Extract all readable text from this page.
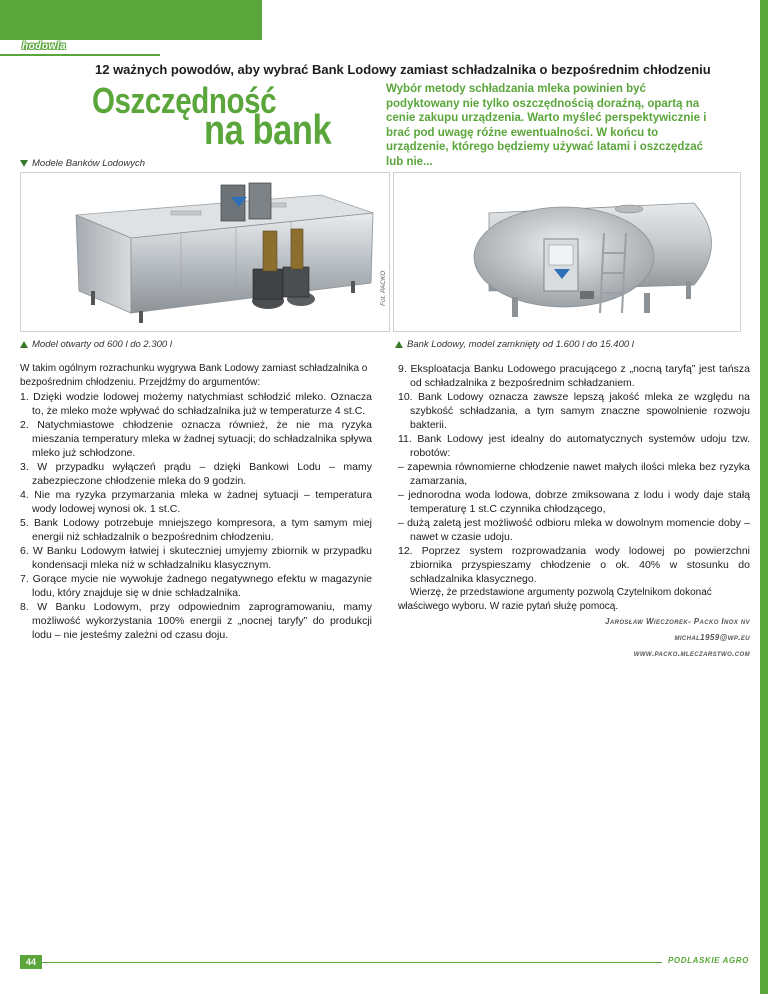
hodowla
12 ważnych powodów, aby wybrać Bank Lodowy zamiast schładzalnika o bezpośrednim chłodzeniu
Oszczędność
na bank
Wybór metody schładzania mleka powinien być podyktowany nie tylko oszczędnością doraźną, opartą na cenie zakupu urządzenia. Warto myśleć perspektywicznie i brać pod uwagę różne ewentualności. W końcu to urządzenie, którego będziemy używać latami i oszczędzać lub nie...
Modele Banków Lodowych
Fot. PACKO
Model otwarty od 600 l do 2.300 l	Bank Lodowy, model zamknięty od 1.600 l do 15.400 l

W takim ogólnym rozrachunku wygrywa Bank Lodowy zamiast schładzalnika o bezpośrednim chłodzeniu. Przejdźmy do argumentów:

1. Dzięki wodzie lodowej możemy natychmiast schłodzić mleko. Oznacza to, że mleko może wpływać do schładzalnika już w temperaturze 4 st.C.

2. Natychmiastowe chłodzenie oznacza również, że nie ma ryzyka mieszania temperatury mleka w żadnej sytuacji; do schładzalnika spływa mleko już schłodzone.

3. W przypadku wyłączeń prądu – dzięki Bankowi Lodu – mamy zabezpieczone chłodzenie mleka do 9 godzin.

4. Nie ma ryzyka przymarzania mleka w żadnej sytuacji – temperatura wody lodowej wynosi ok. 1 st.C.

5. Bank Lodowy potrzebuje mniejszego kompresora, a tym samym miej energii niż schładzalnik o bezpośrednim chłodzeniu.

6. W Banku Lodowym łatwiej i skuteczniej umyjemy zbiornik w przypadku kondensacji mleka niż w schładzalniku klasycznym.

7. Gorące mycie nie wywołuje żadnego negatywnego efektu w magazynie lodu, który znajduje się w dnie schładzalnika.

8. W Banku Lodowym, przy odpowiednim zaprogramowaniu, mamy możliwość wykorzystania 100% energii z „nocnej taryfy” do produkcji lodu – nie jesteśmy zależni od czasu doju.

9. Eksploatacja Banku Lodowego pracującego z „nocną taryfą” jest tańsza od schładzalnika z bezpośrednim schładzaniem.

10. Bank Lodowy oznacza zawsze lepszą jakość mleka ze względu na szybkość schładzania, a tym samym znaczne spowolnienie rozwoju bakterii.

11. Bank Lodowy jest idealny do automatycznych systemów udoju tzw. robotów:

– zapewnia równomierne chłodzenie nawet małych ilości mleka bez ryzyka zamarzania,

– jednorodna woda lodowa, dobrze zmiksowana z lodu i wody daje stałą temperaturę 1 st.C czynnika chłodzącego,

– dużą zaletą jest możliwość odbioru mleka w dowolnym momencie doby – nawet w czasie udoju.

12. Poprzez system rozprowadzania wody lodowej po powierzchni zbiornika przyspieszamy chłodzenie o ok. 40% w stosunku do schładzalnika klasycznego.

Wierzę, że przedstawione argumenty pozwolą Czytelnikom dokonać właściwego wyboru. W razie pytań służę pomocą.

Jarosław Wieczorek- Packo Inox nv

michal1959@wp.eu

www.packo.mleczarstwo.com

44	PODLASKIE AGRO
